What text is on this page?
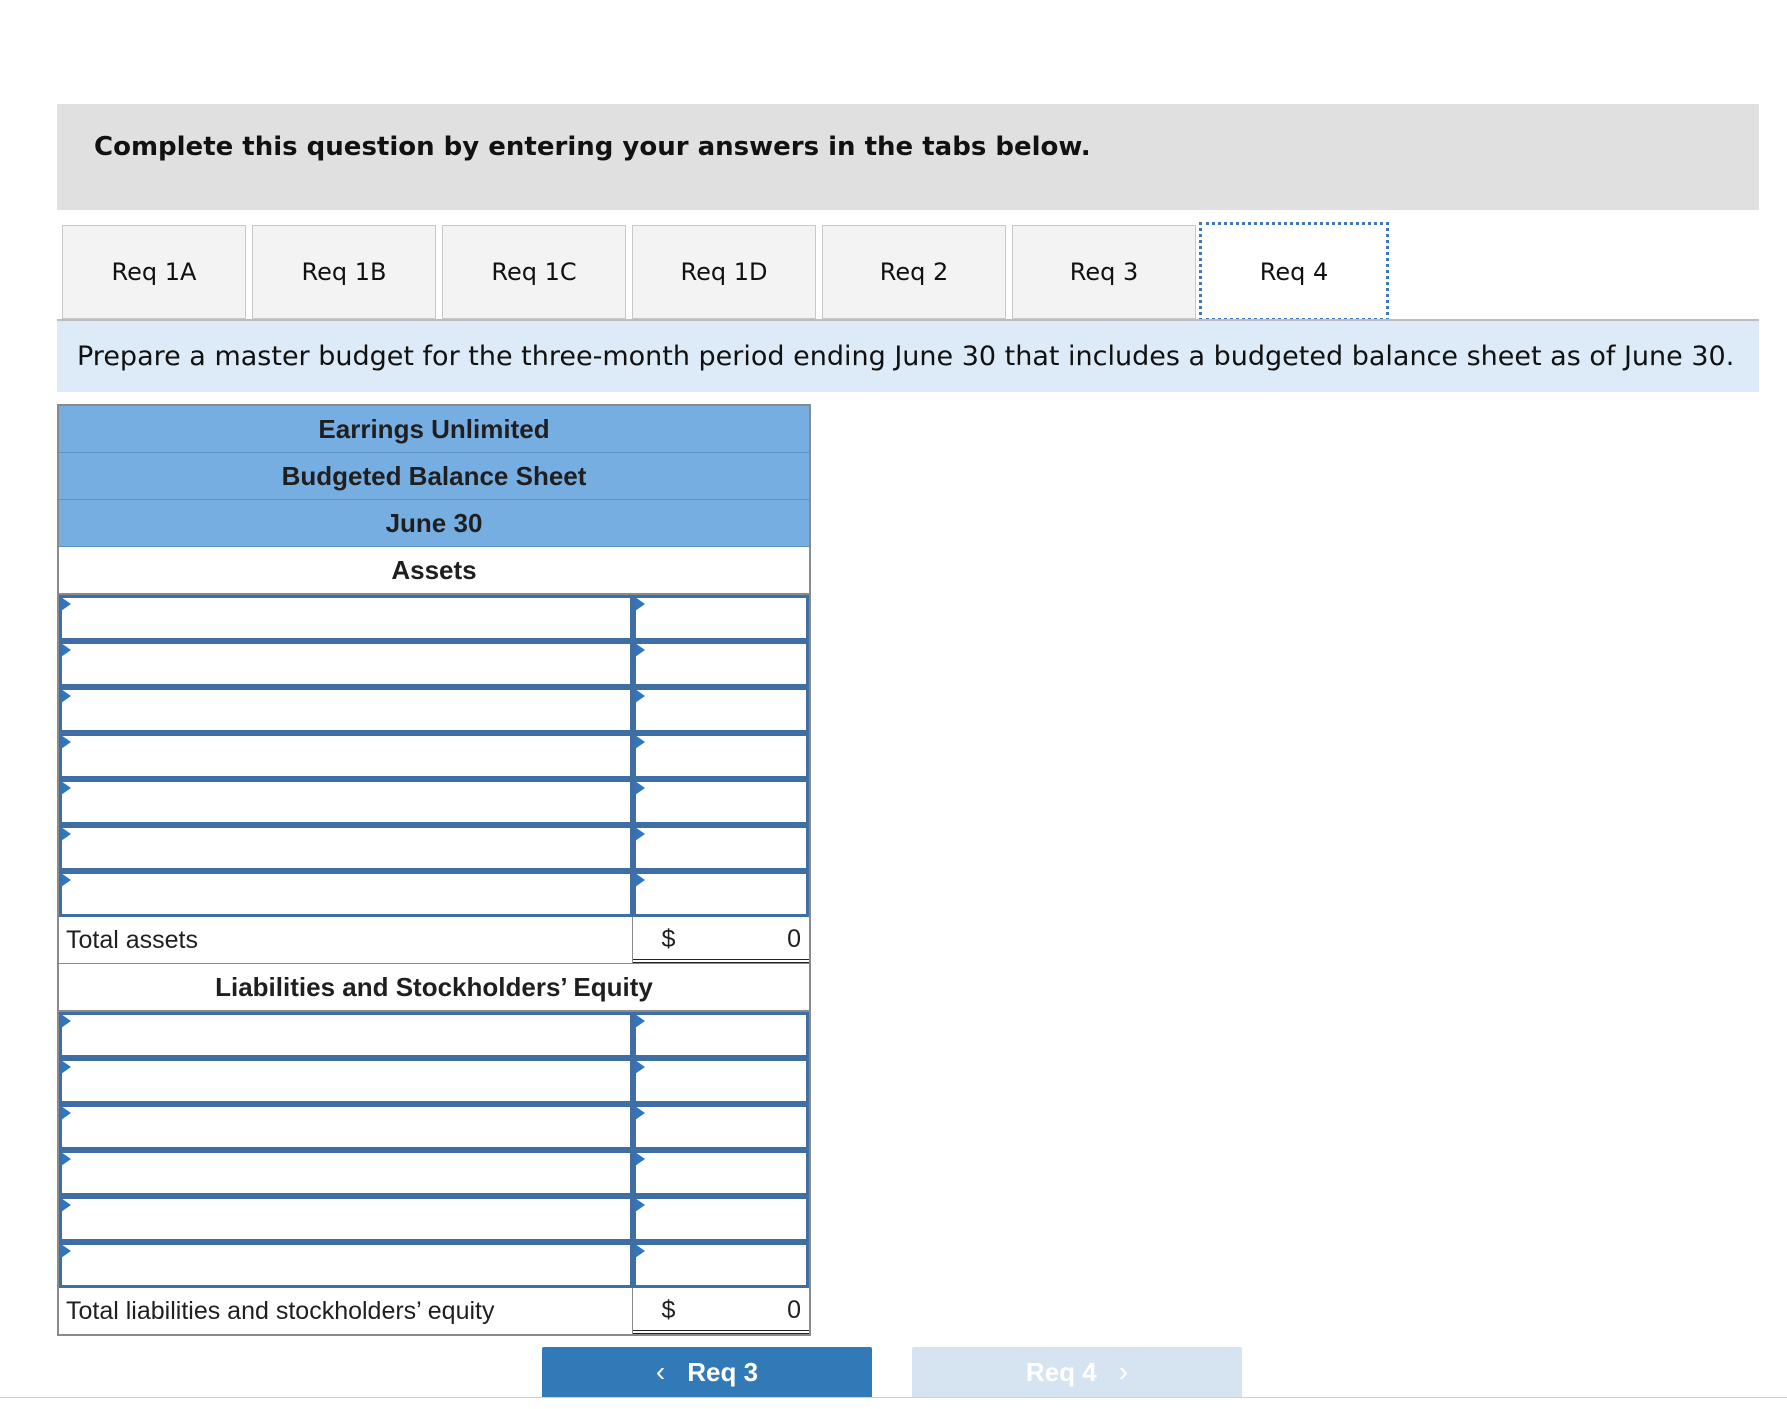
Complete this question by entering your answers in the tabs below.
Req 1A	Req 1B	Req 1C	Req 1D	Req 2	Req 3	Req 4
Prepare a master budget for the three-month period ending June 30 that includes a budgeted balance sheet as of June 30.
Earrings Unlimited
Budgeted Balance Sheet
June 30
Assets
Total assets	$	0
Liabilities and Stockholders’ Equity
Total liabilities and stockholders’ equity	$	0
‹ Req 3	Req 4 ›
